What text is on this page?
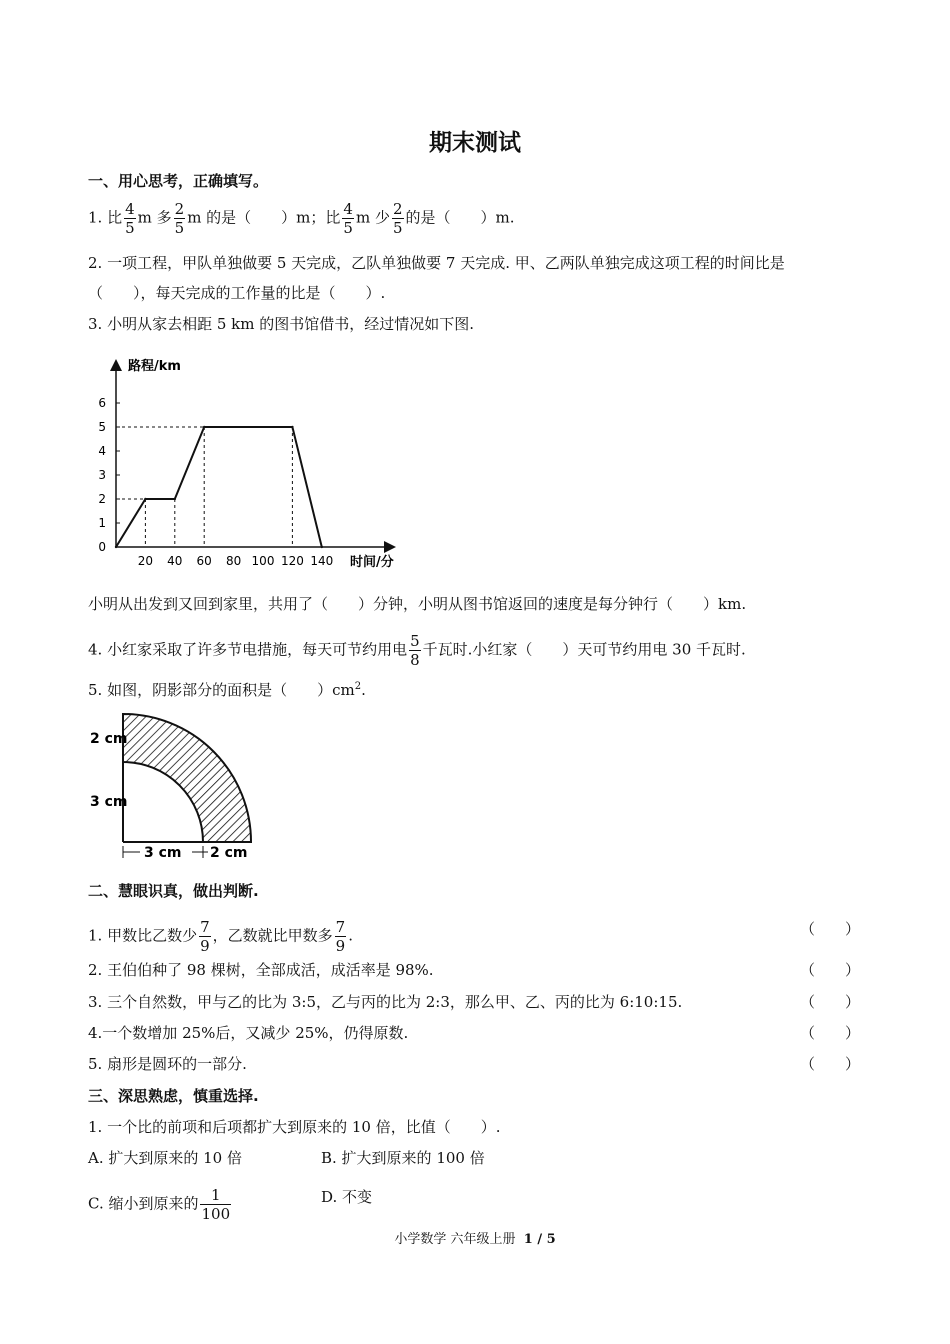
期末测试
一、用心思考，正确填写。
1. 比 $\frac{4}{5}$ m 多 $\frac{2}{5}$ m 的是（　　）m；比 $\frac{4}{5}$ m 少 $\frac{2}{5}$ 的是（　　）m.
2. 一项工程，甲队单独做要 5 天完成，乙队单独做要 7 天完成. 甲、乙两队单独完成这项工程的时间比是
（　　），每天完成的工作量的比是（　　）.
3. 小明从家去相距 5 km 的图书馆借书，经过情况如下图.
0
1
2
3
4
5
6
20 40 60 80 100 120 140
路程/km
时间/分
小明从出发到又回到家里，共用了（　　）分钟，小明从图书馆返回的速度是每分钟行（　　）km.
4. 小红家采取了许多节电措施，每天可节约用电 $\frac{5}{8}$ 千瓦时.小红家（　　）天可节约用电 30 千瓦时.
5. 如图，阴影部分的面积是（　　）$cm^2$.
2 cm
3 cm
3 cm 2 cm
二、慧眼识真，做出判断.
1. 甲数比乙数少 $\frac{7}{9}$ ，乙数就比甲数多 $\frac{7}{9}$ .	（　　）
2. 王伯伯种了 98 棵树，全部成活，成活率是 98%.	（　　）
3. 三个自然数，甲与乙的比为 3:5，乙与丙的比为 2:3，那么甲、乙、丙的比为 6:10:15.	（　　）
4.一个数增加 25%后，又减少 25%，仍得原数.	（　　）
5. 扇形是圆环的一部分.	（　　）
三、深思熟虑，慎重选择.
1. 一个比的前项和后项都扩大到原来的 10 倍，比值（　　）.
A. 扩大到原来的 10 倍	B. 扩大到原来的 100 倍
C. 缩小到原来的 $\frac{1}{100}$	D. 不变
小学数学 六年级上册 1 / 5
